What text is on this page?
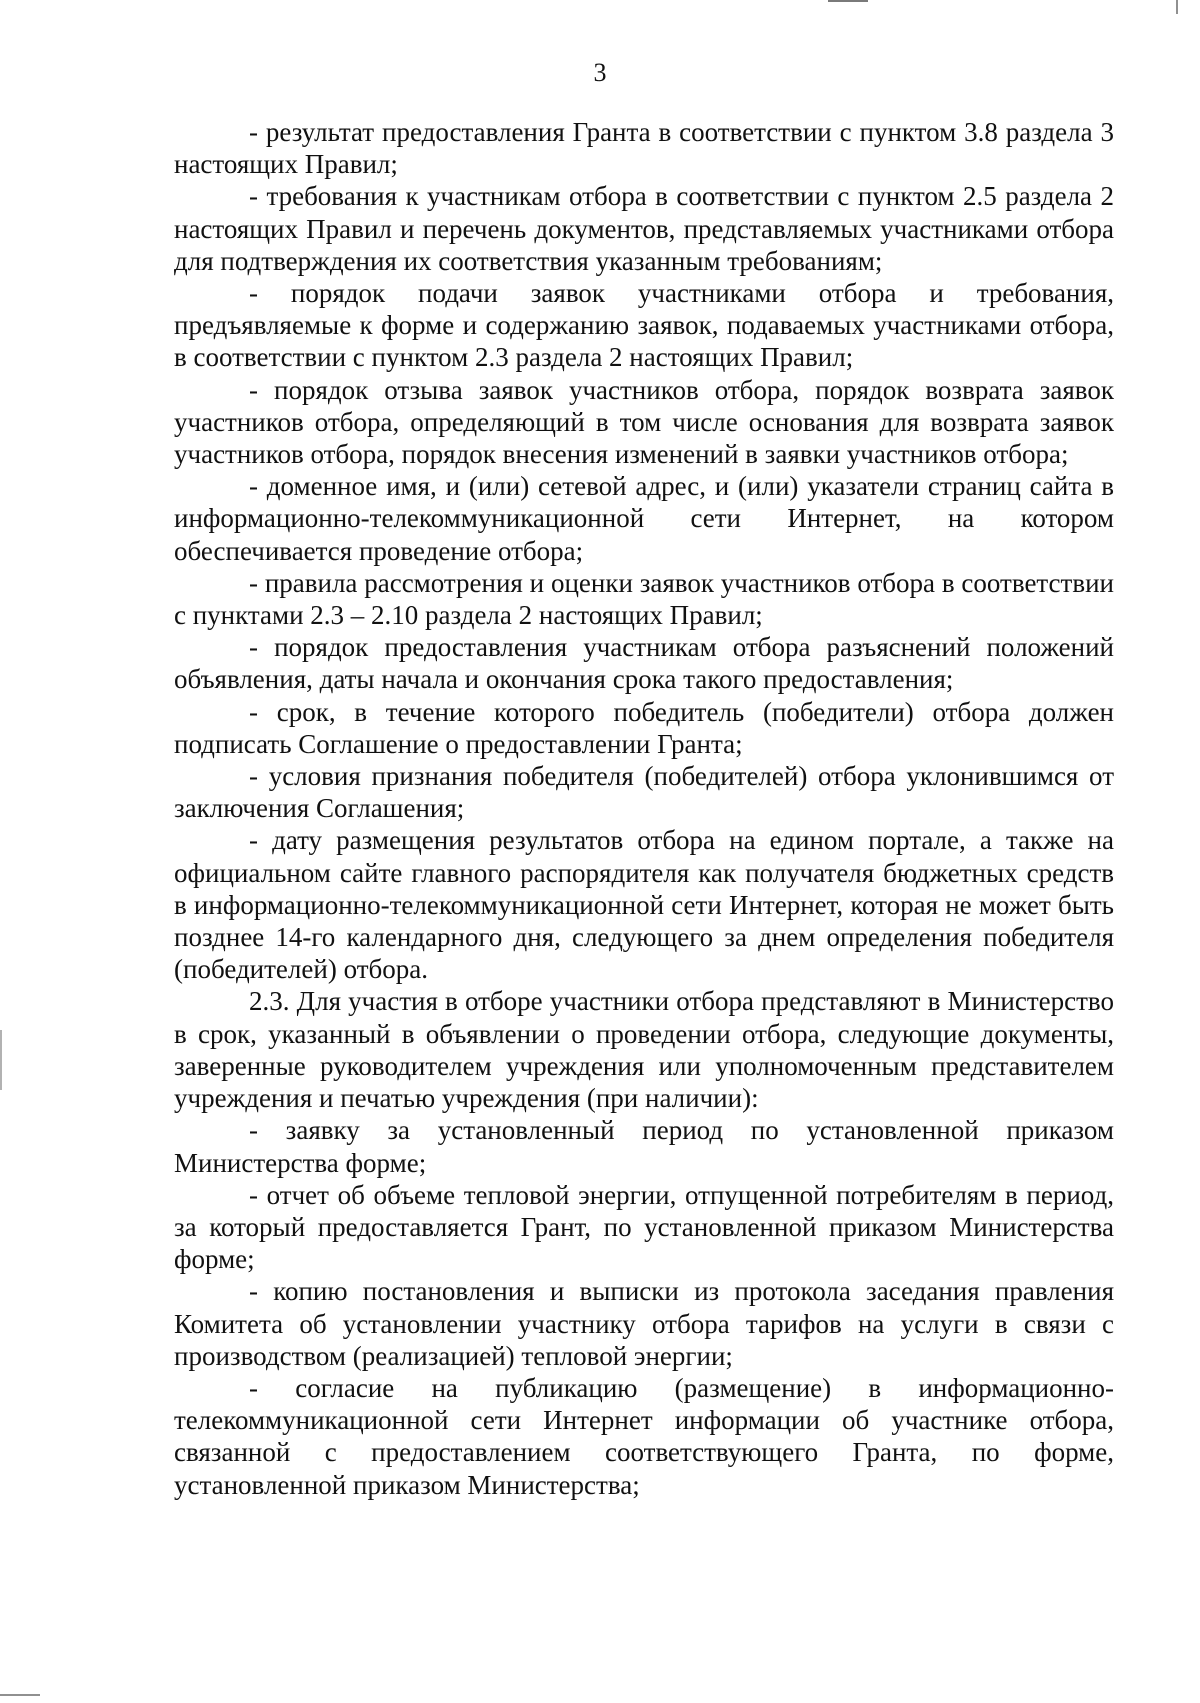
3

- результат предоставления Гранта в соответствии с пунктом 3.8 раздела 3 настоящих Правил;

- требования к участникам отбора в соответствии с пунктом 2.5 раздела 2 настоящих Правил и перечень документов, представляемых участниками отбора для подтверждения их соответствия указанным требованиям;

- порядок подачи заявок участниками отбора и требования, предъявляемые к форме и содержанию заявок, подаваемых участниками отбора, в соответствии с пунктом 2.3 раздела 2 настоящих Правил;

- порядок отзыва заявок участников отбора, порядок возврата заявок участников отбора, определяющий в том числе основания для возврата заявок участников отбора, порядок внесения изменений в заявки участников отбора;

- доменное имя, и (или) сетевой адрес, и (или) указатели страниц сайта в информационно-телекоммуникационной сети Интернет, на котором обеспечивается проведение отбора;

- правила рассмотрения и оценки заявок участников отбора в соответствии с пунктами 2.3 – 2.10 раздела 2 настоящих Правил;

- порядок предоставления участникам отбора разъяснений положений объявления, даты начала и окончания срока такого предоставления;

- срок, в течение которого победитель (победители) отбора должен подписать Соглашение о предоставлении Гранта;

- условия признания победителя (победителей) отбора уклонившимся от заключения Соглашения;

- дату размещения результатов отбора на едином портале, а также на официальном сайте главного распорядителя как получателя бюджетных средств в информационно-телекоммуникационной сети Интернет, которая не может быть позднее 14-го календарного дня, следующего за днем определения победителя (победителей) отбора.

2.3. Для участия в отборе участники отбора представляют в Министерство в срок, указанный в объявлении о проведении отбора, следующие документы, заверенные руководителем учреждения или уполномоченным представителем учреждения и печатью учреждения (при наличии):

- заявку за установленный период по установленной приказом Министерства форме;

- отчет об объеме тепловой энергии, отпущенной потребителям в период, за который предоставляется Грант, по установленной приказом Министерства форме;

- копию постановления и выписки из протокола заседания правления Комитета об установлении участнику отбора тарифов на услуги в связи с производством (реализацией) тепловой энергии;

- согласие на публикацию (размещение) в информационно-телекоммуникационной сети Интернет информации об участнике отбора, связанной с предоставлением соответствующего Гранта, по форме, установленной приказом Министерства;
